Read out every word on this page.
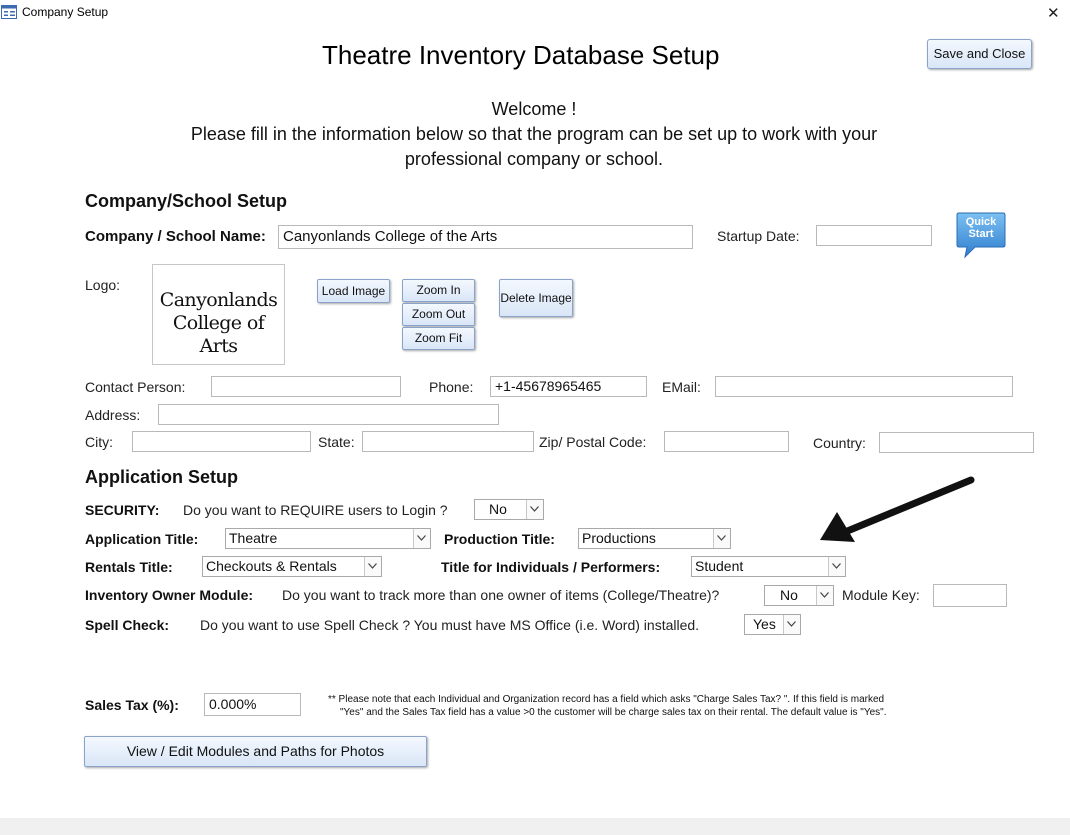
Company Setup	✕
Theatre Inventory Database Setup	Save and Close
Welcome !
Please fill in the information below so that the program can be set up to work with your
professional company or school.
Company/School Setup
Company / School Name:	Canyonlands College of the Arts	Startup Date:
Quick
Start
Logo:
Canyonlands
College of Arts
Load Image	Zoom In
Zoom Out
Zoom Fit
Delete Image
Contact Person:	Phone:	+1-45678965465	EMail:
Address:
City:	State:	Zip/ Postal Code:	Country:
Application Setup
SECURITY: Do you want to REQUIRE users to Login ?	No
Application Title: Theatre	Production Title: Productions
Rentals Title: Checkouts & Rentals	Title for Individuals / Performers: Student
Inventory Owner Module: Do you want to track more than one owner of items (College/Theatre)?	No	Module Key:
Spell Check: Do you want to use Spell Check ? You must have MS Office (i.e. Word) installed.	Yes
Sales Tax (%):	0.000%	** Please note that each Individual and Organization record has a field which asks "Charge Sales Tax? ". If this field is marked
"Yes" and the Sales Tax field has a value >0 the customer will be charge sales tax on their rental. The default value is "Yes".
View / Edit Modules and Paths for Photos
